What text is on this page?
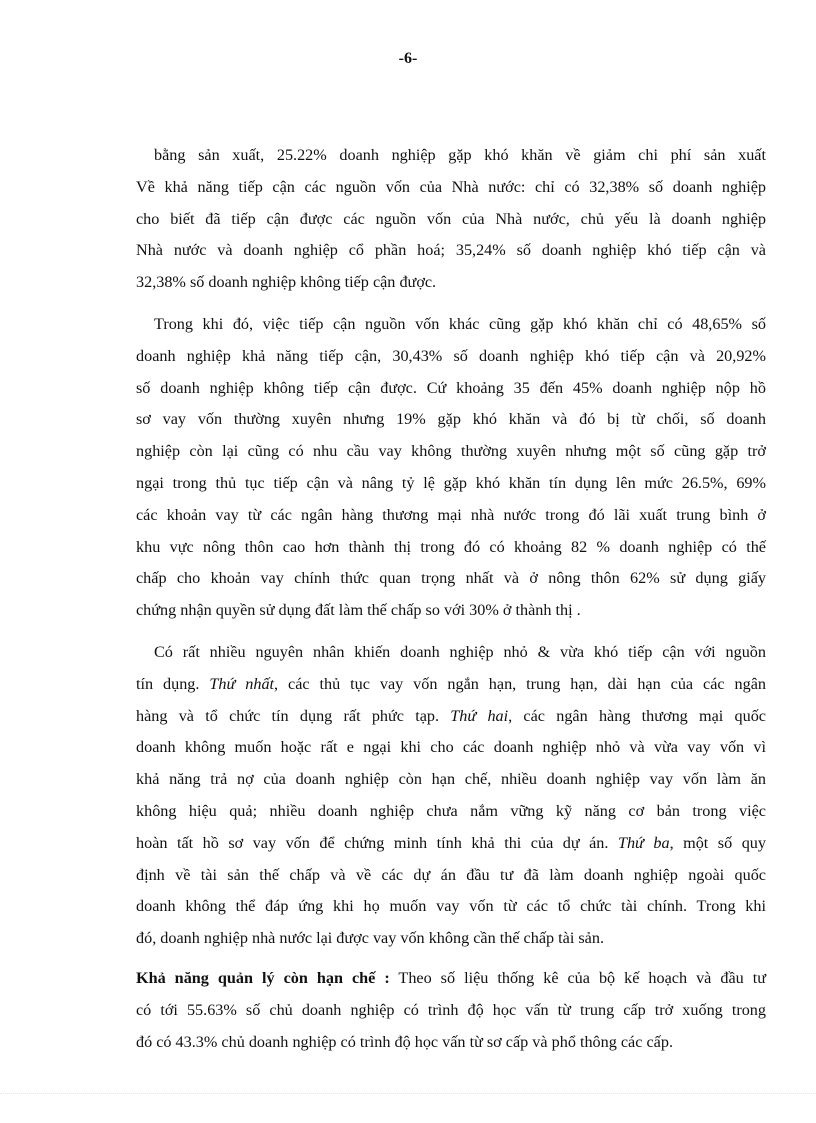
-6-
bằng sản xuất, 25.22% doanh nghiệp gặp khó khăn về giảm chi phí sản xuất
Về khả năng tiếp cận các nguồn vốn của Nhà nước: chỉ có 32,38% số doanh nghiệp
cho biết đã tiếp cận được các nguồn vốn của Nhà nước, chủ yếu là doanh nghiệp
Nhà nước và doanh nghiệp cổ phần hoá; 35,24% số doanh nghiệp khó tiếp cận và
32,38% số doanh nghiệp không tiếp cận được.
Trong khi đó, việc tiếp cận nguồn vốn khác cũng gặp khó khăn chỉ có 48,65% số
doanh nghiệp khả năng tiếp cận, 30,43% số doanh nghiệp khó tiếp cận và 20,92%
số doanh nghiệp không tiếp cận được. Cứ khoảng 35 đến 45% doanh nghiệp nộp hồ
sơ vay vốn thường xuyên nhưng 19% gặp khó khăn và đó bị từ chối, số doanh
nghiệp còn lại cũng có nhu cầu vay không thường xuyên nhưng một số cũng gặp trở
ngại trong thủ tục tiếp cận và nâng tỷ lệ gặp khó khăn tín dụng lên mức 26.5%, 69%
các khoản vay từ các ngân hàng thương mại nhà nước trong đó lãi xuất trung bình ở
khu vực nông thôn cao hơn thành thị trong đó có khoảng 82 % doanh nghiệp có thế
chấp cho khoản vay chính thức quan trọng nhất và ở nông thôn 62% sử dụng giấy
chứng nhận quyền sử dụng đất làm thế chấp so với 30% ở thành thị .
Có rất nhiều nguyên nhân khiến doanh nghiệp nhỏ & vừa khó tiếp cận với nguồn
tín dụng. Thứ nhất, các thủ tục vay vốn ngắn hạn, trung hạn, dài hạn của các ngân
hàng và tổ chức tín dụng rất phức tạp. Thứ hai, các ngân hàng thương mại quốc
doanh không muốn hoặc rất e ngại khi cho các doanh nghiệp nhỏ và vừa vay vốn vì
khả năng trả nợ của doanh nghiệp còn hạn chế, nhiều doanh nghiệp vay vốn làm ăn
không hiệu quả; nhiều doanh nghiệp chưa nắm vững kỹ năng cơ bản trong việc
hoàn tất hồ sơ vay vốn để chứng minh tính khả thi của dự án. Thứ ba, một số quy
định về tài sản thế chấp và về các dự án đầu tư đã làm doanh nghiệp ngoài quốc
doanh không thể đáp ứng khi họ muốn vay vốn từ các tổ chức tài chính. Trong khi
đó, doanh nghiệp nhà nước lại được vay vốn không cần thế chấp tài sản.
Khả năng quản lý còn hạn chế : Theo số liệu thống kê của bộ kế hoạch và đầu tư
có tới 55.63% số chủ doanh nghiệp có trình độ học vấn từ trung cấp trở xuống trong
đó có 43.3% chủ doanh nghiệp có trình độ học vấn từ sơ cấp và phổ thông các cấp.
